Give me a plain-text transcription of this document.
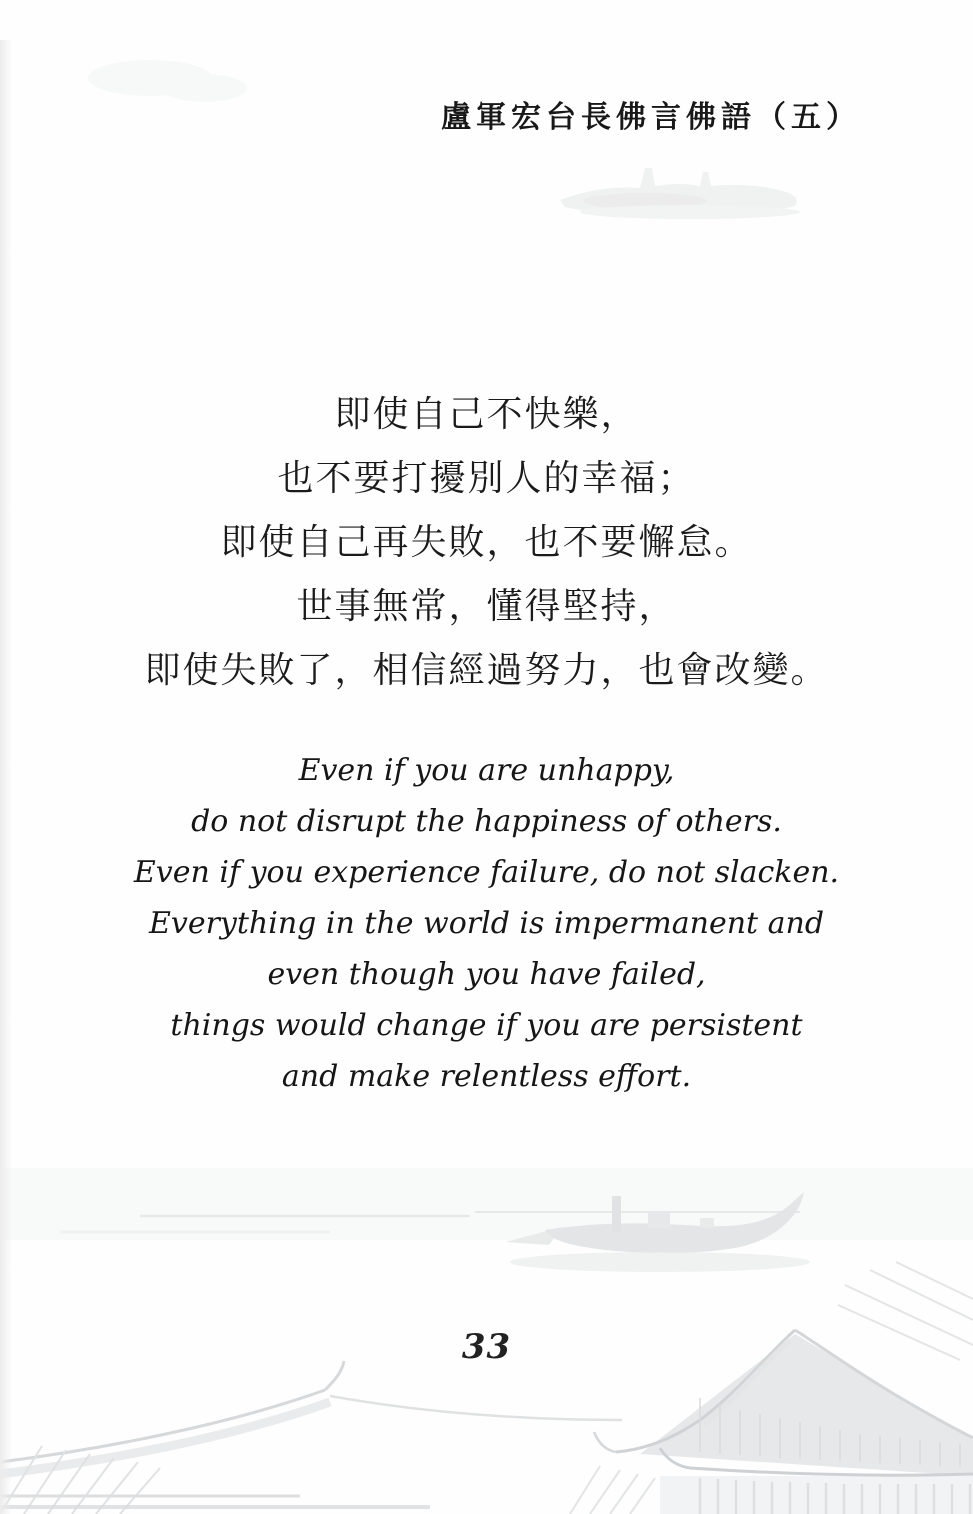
盧軍宏台長佛言佛語（五）
即使自己不快樂，
也不要打擾別人的幸福；
即使自己再失敗，也不要懈怠。
世事無常，懂得堅持，
即使失敗了，相信經過努力，也會改變。
Even if you are unhappy,
do not disrupt the happiness of others.
Even if you experience failure, do not slacken.
Everything in the world is impermanent and
even though you have failed,
things would change if you are persistent
and make relentless effort.
33
